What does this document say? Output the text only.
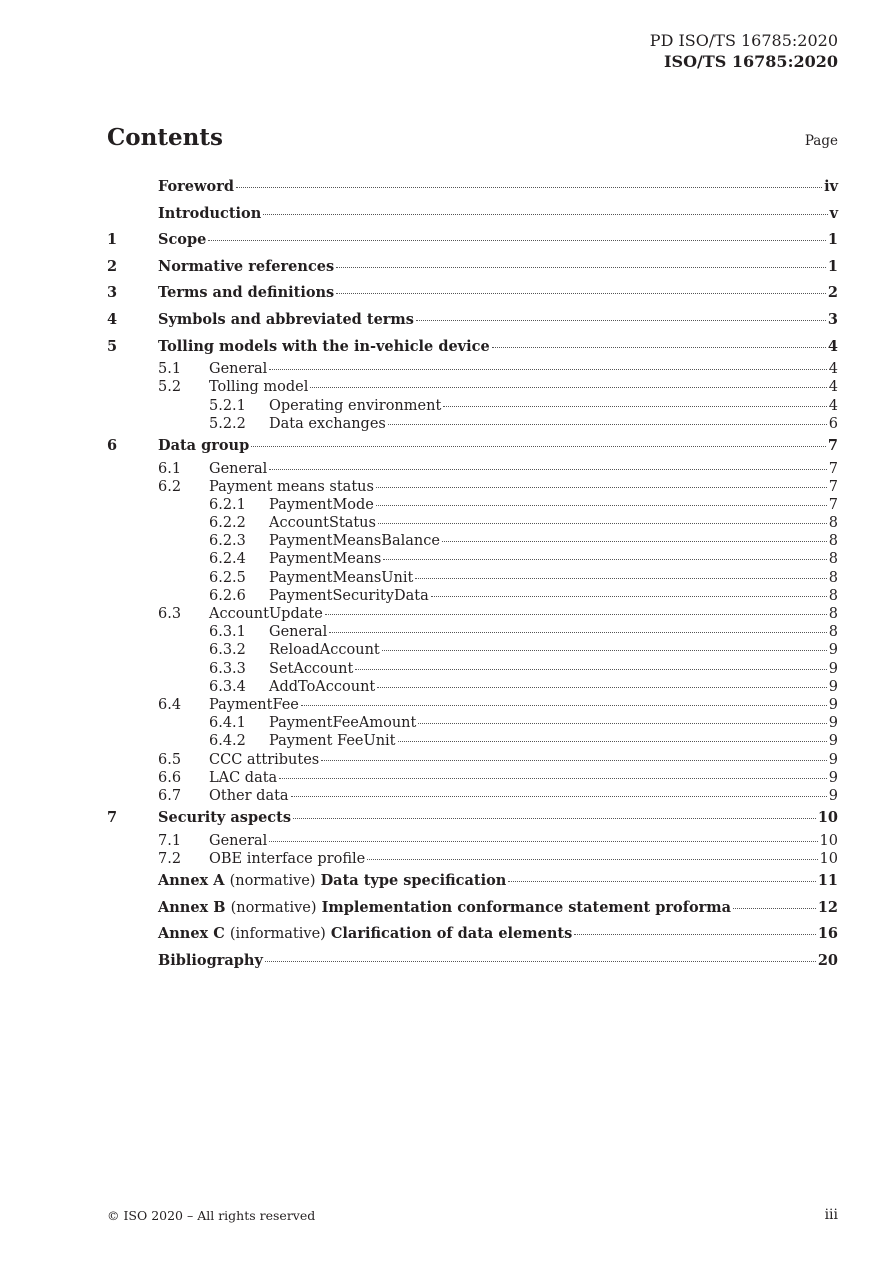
PD ISO/TS 16785:2020
ISO/TS 16785:2020
Contents	Page
Foreword	iv
Introduction	v
1	Scope	1
2	Normative references	1
3	Terms and definitions	2
4	Symbols and abbreviated terms	3
5	Tolling models with the in-vehicle device	4
5.1	General	4
5.2	Tolling model	4
5.2.1	Operating environment	4
5.2.2	Data exchanges	6
6	Data group	7
6.1	General	7
6.2	Payment means status	7
6.2.1	PaymentMode	7
6.2.2	AccountStatus	8
6.2.3	PaymentMeansBalance	8
6.2.4	PaymentMeans	8
6.2.5	PaymentMeansUnit	8
6.2.6	PaymentSecurityData	8
6.3	AccountUpdate	8
6.3.1	General	8
6.3.2	ReloadAccount	9
6.3.3	SetAccount	9
6.3.4	AddToAccount	9
6.4	PaymentFee	9
6.4.1	PaymentFeeAmount	9
6.4.2	Payment FeeUnit	9
6.5	CCC attributes	9
6.6	LAC data	9
6.7	Other data	9
7	Security aspects	10
7.1	General	10
7.2	OBE interface profile	10
Annex A (normative) Data type specification	11
Annex B (normative) Implementation conformance statement proforma	12
Annex C (informative) Clarification of data elements	16
Bibliography	20
© ISO 2020 – All rights reserved	iii
